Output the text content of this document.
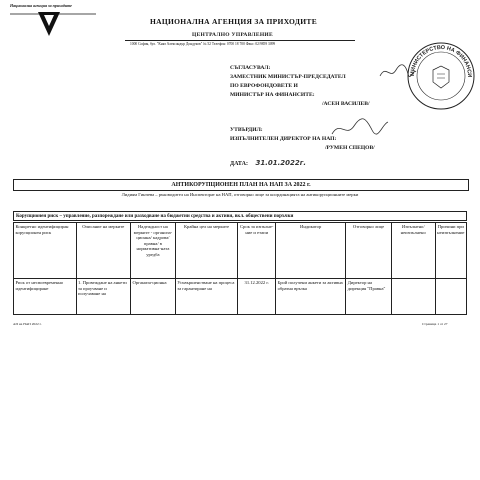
Национална агенция за приходите
НАЦИОНАЛНА АГЕНЦИЯ ЗА ПРИХОДИТЕ
ЦЕНТРАЛНО УПРАВЛЕНИЕ
1000 София, бул. "Княз Александър Дондуков" № 52 Телефон: 0700 18 700 Факс: 02/9859 3099
СЪГЛАСУВАЛ:
ЗАМЕСТНИК МИНИСТЪР-ПРЕДСЕДАТЕЛ
ПО ЕВРОФОНДОВЕТЕ И
МИНИСТЪР НА ФИНАНСИТЕ:
/АСЕН ВАСИЛЕВ/
МИНИСТЕРСТВО НА ФИНАНСИ
УТВЪРДИЛ:
ИЗПЪЛНИТЕЛЕН ДИРЕКТОР НА НАП:
/РУМЕН СПЕЦОВ/
ДАТА: 31.01.2022г.
АНТИКОРУПЦИОНЕН ПЛАН НА НАП ЗА 2022 г.
Лидиям Гинчева – ръководител на Инспекторат на НАП, отговорно лице за координацията на антикорупционните мерки
Корупционен риск – управление, разпореждане или разходване на бюджетни средства и активи, вкл. обществени поръчки
Конкретно идентифициран корупционен риск	Описание на мерките	Надеждност на мерките - организа-ционна/ кадрова/ правна/ в нормативна-ната уредба	Крайна цел на мерките	Срок за изпълне-ние и етапи	Индикатор	Отговорно лице	Изпълнено/ неизпълнено	Причини при неизпълнение
Риск от несвоевременно идентифициране	1. Провеждане на анкети за проучване и получаване на	Организа-ционна	Усъвършенстване на процеса за гарантиране на	31.12.2022 г.	Брой получени анкети за активна обратна връзка	Директор на дирекция "Правна"		
АП на НАП 2022 г.	Страница 1 от 27
